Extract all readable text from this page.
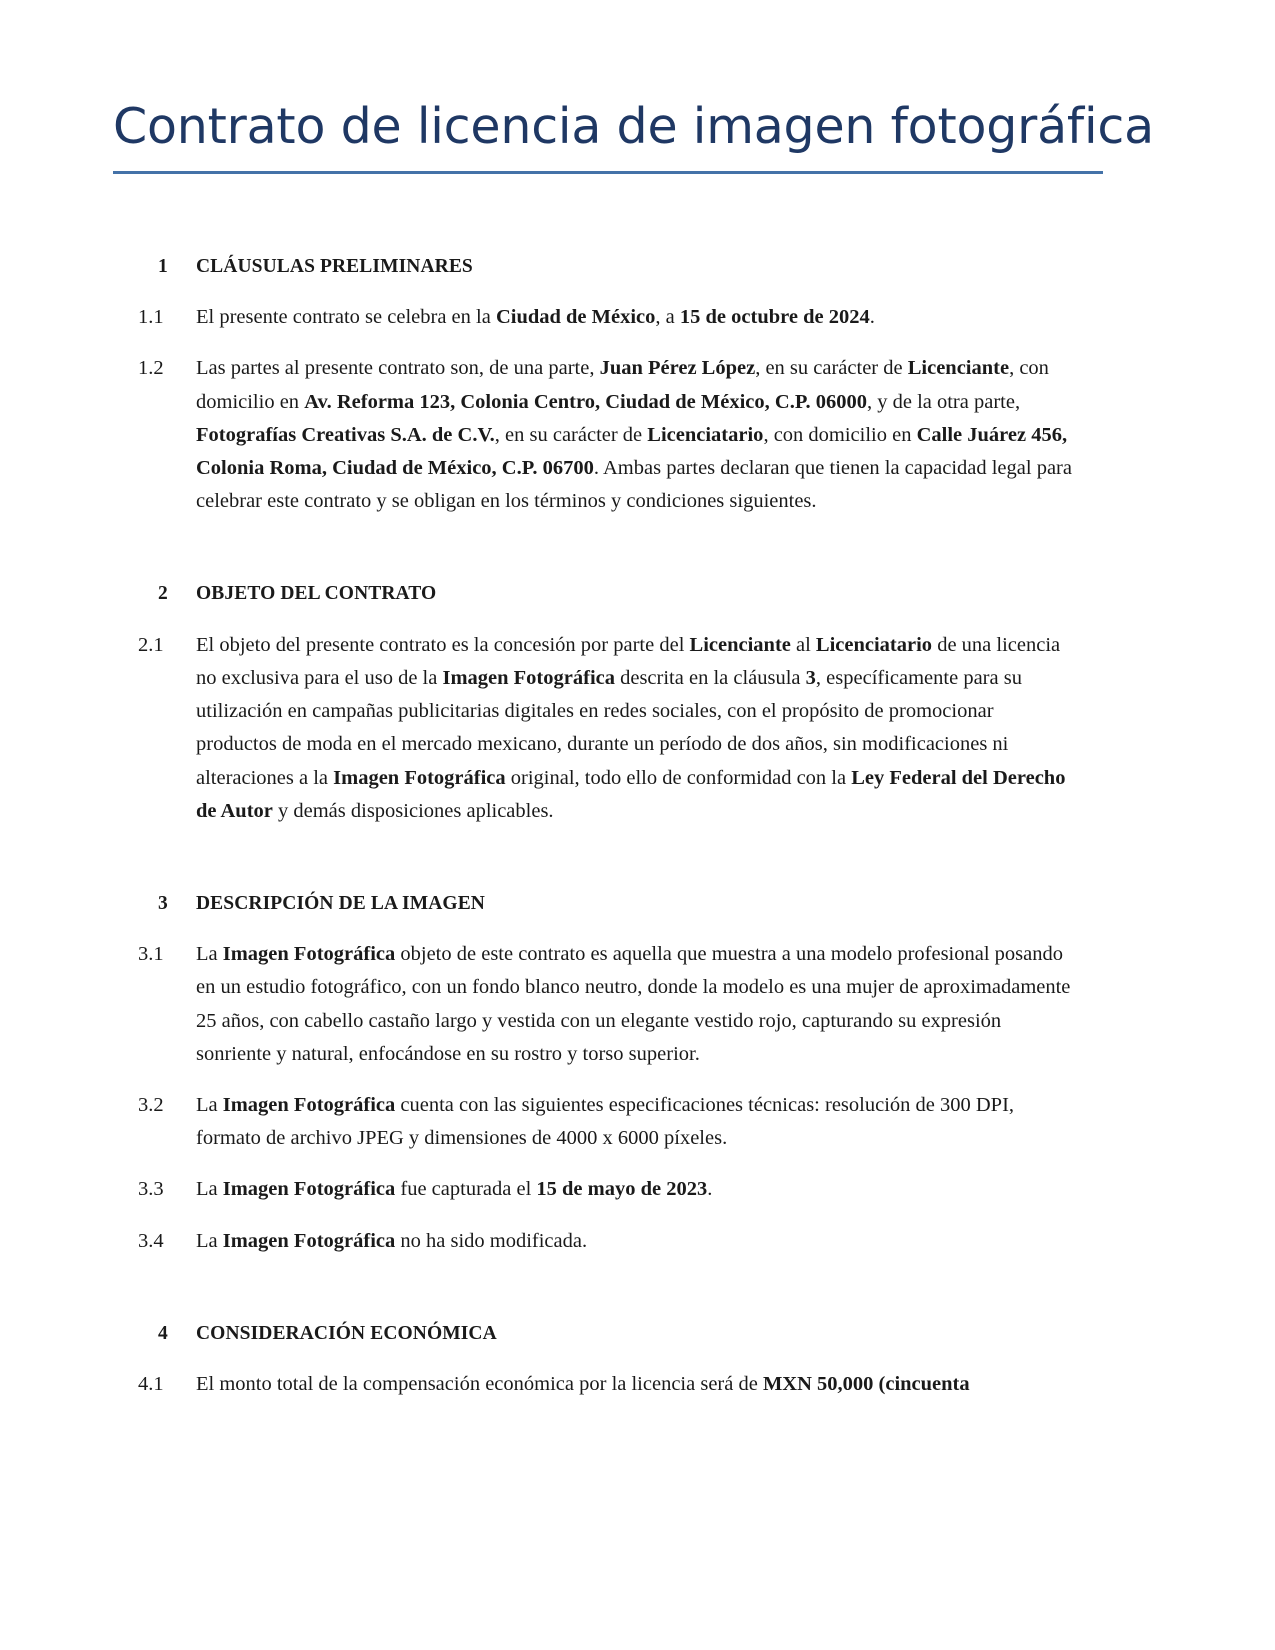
Contrato de licencia de imagen fotográfica
1	CLÁUSULAS PRELIMINARES
1.1	El presente contrato se celebra en la Ciudad de México, a 15 de octubre de 2024.
1.2	Las partes al presente contrato son, de una parte, Juan Pérez López, en su carácter de Licenciante, con domicilio en Av. Reforma 123, Colonia Centro, Ciudad de México, C.P. 06000, y de la otra parte, Fotografías Creativas S.A. de C.V., en su carácter de Licenciatario, con domicilio en Calle Juárez 456, Colonia Roma, Ciudad de México, C.P. 06700. Ambas partes declaran que tienen la capacidad legal para celebrar este contrato y se obligan en los términos y condiciones siguientes.
2	OBJETO DEL CONTRATO
2.1	El objeto del presente contrato es la concesión por parte del Licenciante al Licenciatario de una licencia no exclusiva para el uso de la Imagen Fotográfica descrita en la cláusula 3, específicamente para su utilización en campañas publicitarias digitales en redes sociales, con el propósito de promocionar productos de moda en el mercado mexicano, durante un período de dos años, sin modificaciones ni alteraciones a la Imagen Fotográfica original, todo ello de conformidad con la Ley Federal del Derecho de Autor y demás disposiciones aplicables.
3	DESCRIPCIÓN DE LA IMAGEN
3.1	La Imagen Fotográfica objeto de este contrato es aquella que muestra a una modelo profesional posando en un estudio fotográfico, con un fondo blanco neutro, donde la modelo es una mujer de aproximadamente 25 años, con cabello castaño largo y vestida con un elegante vestido rojo, capturando su expresión sonriente y natural, enfocándose en su rostro y torso superior.
3.2	La Imagen Fotográfica cuenta con las siguientes especificaciones técnicas: resolución de 300 DPI, formato de archivo JPEG y dimensiones de 4000 x 6000 píxeles.
3.3	La Imagen Fotográfica fue capturada el 15 de mayo de 2023.
3.4	La Imagen Fotográfica no ha sido modificada.
4	CONSIDERACIÓN ECONÓMICA
4.1	El monto total de la compensación económica por la licencia será de MXN 50,000 (cincuenta
